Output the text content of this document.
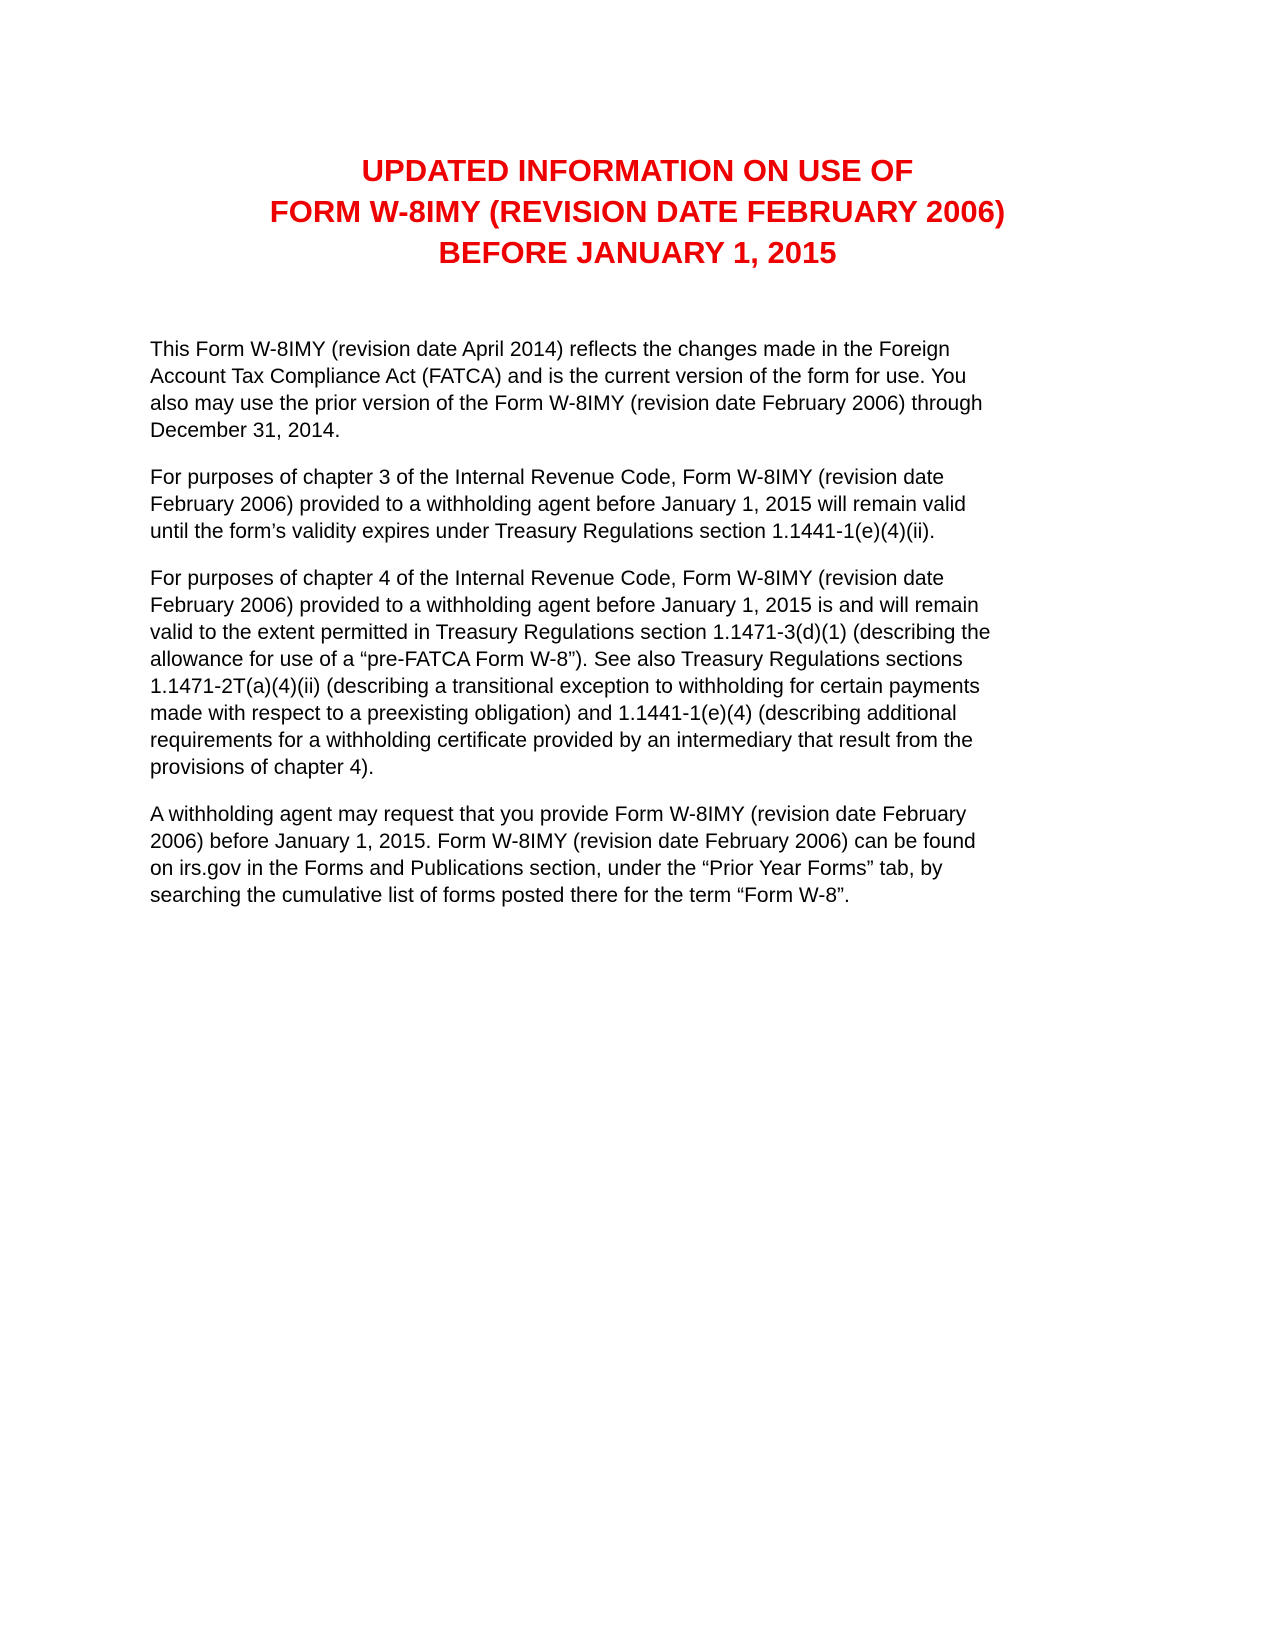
UPDATED INFORMATION ON USE OF
FORM W-8IMY (REVISION DATE FEBRUARY 2006)
BEFORE JANUARY 1, 2015

This Form W-8IMY (revision date April 2014) reflects the changes made in the Foreign
Account Tax Compliance Act (FATCA) and is the current version of the form for use. You
also may use the prior version of the Form W-8IMY (revision date February 2006) through
December 31, 2014.

For purposes of chapter 3 of the Internal Revenue Code, Form W-8IMY (revision date
February 2006) provided to a withholding agent before January 1, 2015 will remain valid
until the form’s validity expires under Treasury Regulations section 1.1441-1(e)(4)(ii).

For purposes of chapter 4 of the Internal Revenue Code, Form W-8IMY (revision date
February 2006) provided to a withholding agent before January 1, 2015 is and will remain
valid to the extent permitted in Treasury Regulations section 1.1471-3(d)(1) (describing the
allowance for use of a “pre-FATCA Form W-8”). See also Treasury Regulations sections
1.1471-2T(a)(4)(ii) (describing a transitional exception to withholding for certain payments
made with respect to a preexisting obligation) and 1.1441-1(e)(4) (describing additional
requirements for a withholding certificate provided by an intermediary that result from the
provisions of chapter 4).

A withholding agent may request that you provide Form W-8IMY (revision date February
2006) before January 1, 2015. Form W-8IMY (revision date February 2006) can be found
on irs.gov in the Forms and Publications section, under the “Prior Year Forms” tab, by
searching the cumulative list of forms posted there for the term “Form W-8”.
